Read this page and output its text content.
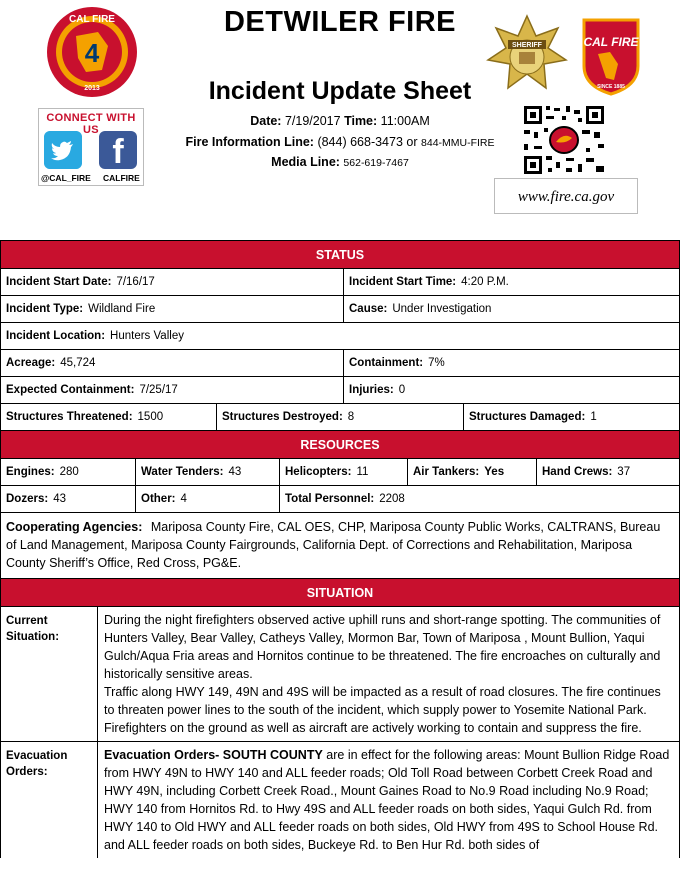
4
CAL FIRE
2013
DETWILER FIRE
SHERIFF	CAL FIRE
SINCE 1885
CONNECT WITH US
f
@CAL_FIRE CALFIRE
Incident Update Sheet
Date: 7/19/2017 Time: 11:00AM
Fire Information Line: (844) 668-3473 or 844-MMU-FIRE
Media Line: 562-619-7467
www.fire.ca.gov
STATUS
Incident Start Date: 7/16/17	Incident Start Time: 4:20 P.M.
Incident Type: Wildland Fire	Cause: Under Investigation
Incident Location: Hunters Valley
Acreage: 45,724	Containment: 7%
Expected Containment: 7/25/17	Injuries: 0
Structures Threatened: 1500	Structures Destroyed: 8	Structures Damaged: 1
RESOURCES
Engines: 280	Water Tenders: 43	Helicopters: 11	Air Tankers: Yes	Hand Crews: 37
Dozers: 43	Other: 4	Total Personnel: 2208
Cooperating Agencies: Mariposa County Fire, CAL OES, CHP, Mariposa County Public Works, CALTRANS, Bureau of Land Management, Mariposa County Fairgrounds, California Dept. of Corrections and Rehabilitation, Mariposa County Sheriff’s Office, Red Cross, PG&E.
SITUATION
Current Situation:
During the night firefighters observed active uphill runs and short-range spotting. The communities of Hunters Valley, Bear Valley, Catheys Valley, Mormon Bar, Town of Mariposa , Mount Bullion, Yaqui Gulch/Aqua Fria areas and Hornitos continue to be threatened. The fire encroaches on culturally and historically sensitive areas.
Traffic along HWY 149, 49N and 49S will be impacted as a result of road closures. The fire continues to threaten power lines to the south of the incident, which supply power to Yosemite National Park. Firefighters on the ground as well as aircraft are actively working to contain and suppress the fire.
Evacuation Orders:
Evacuation Orders- SOUTH COUNTY are in effect for the following areas: Mount Bullion Ridge Road from HWY 49N to HWY 140 and ALL feeder roads; Old Toll Road between Corbett Creek Road and HWY 49N, including Corbett Creek Road., Mount Gaines Road to No.9 Road including No.9 Road; HWY 140 from Hornitos Rd. to Hwy 49S and ALL feeder roads on both sides, Yaqui Gulch Rd. from HWY 140 to Old HWY and ALL feeder roads on both sides, Old HWY from 49S to School House Rd. and ALL feeder roads on both sides, Buckeye Rd. to Ben Hur Rd. both sides of
